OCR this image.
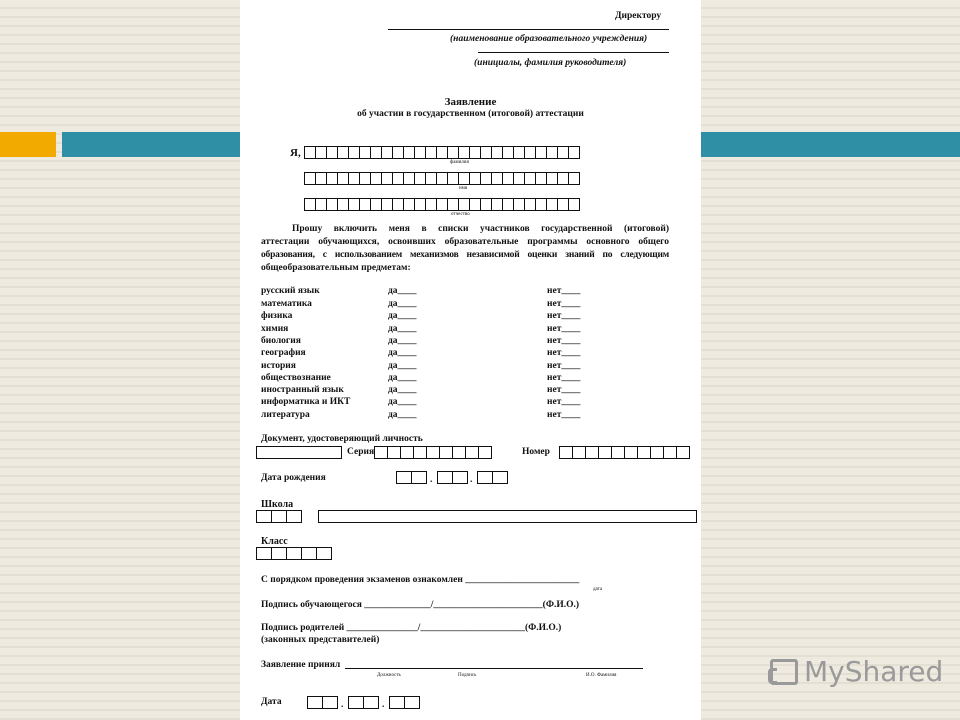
Директору
(наименование образовательного учреждения)
(инициалы, фамилия руководителя)
Заявление
об участии в государственном (итоговой) аттестации
Я,
фамилия
имя
отчество
Прошу включить меня в списки участников государственной (итоговой)
аттестации обучающихся, освоивших образовательные программы основного общего
образования, с использованием механизмов независимой оценки знаний по следующим
общеобразовательным предметам:
русский язык	да____	нет____
математика	да____	нет____
физика	да____	нет____
химия	да____	нет____
биология	да____	нет____
география	да____	нет____
история	да____	нет____
обществознание	да____	нет____
иностранный язык	да____	нет____
информатика и ИКТ	да____	нет____
литература	да____	нет____
Документ, удостоверяющий личность
Серия	Номер
Дата рождения	.	.
Школа
Класс
С порядком проведения экзаменов ознакомлен ________________________
дата
Подпись обучающегося ______________/_______________________(Ф.И.О.)
Подпись родителей _______________/______________________(Ф.И.О.)
(законных представителей)
Заявление принял
Должность	Подпись	И.О. Фамилия
Дата	.	.
MyShared
